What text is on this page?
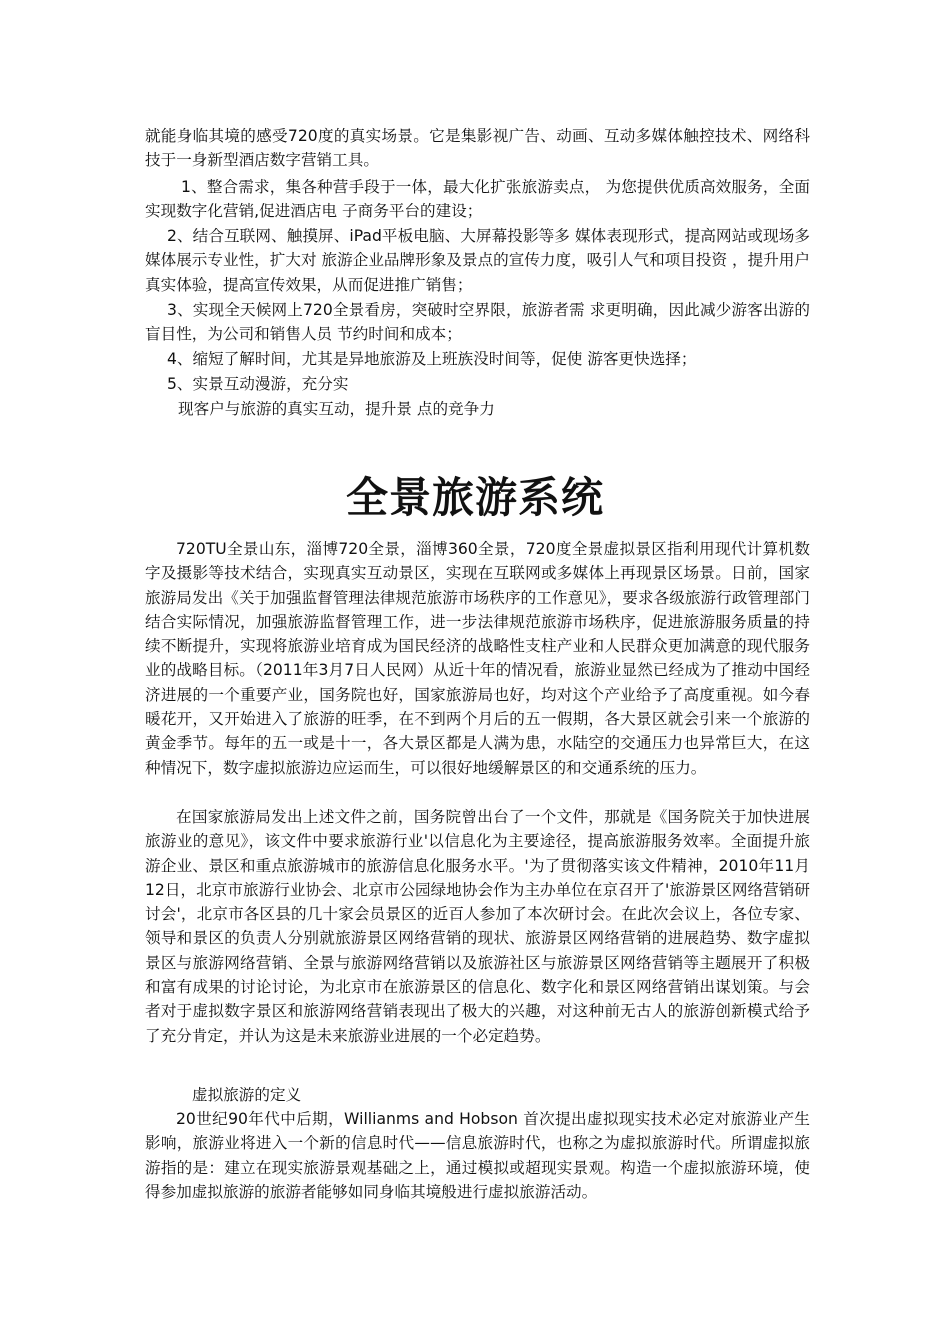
就能身临其境的感受720度的真实场景。它是集影视广告、动画、互动多媒体触控技术、网络科技于一身新型酒店数字营销工具。

1、整合需求，集各种营手段于一体，最大化扩张旅游卖点， 为您提供优质高效服务，全面实现数字化营销,促进酒店电 子商务平台的建设；

2、结合互联网、触摸屏、iPad平板电脑、大屏幕投影等多 媒体表现形式，提高网站或现场多媒体展示专业性，扩大对 旅游企业品牌形象及景点的宣传力度，吸引人气和项目投资 ，提升用户真实体验，提高宣传效果，从而促进推广销售；

3、实现全天候网上720全景看房，突破时空界限，旅游者需 求更明确，因此减少游客出游的盲目性，为公司和销售人员 节约时间和成本；

4、缩短了解时间，尤其是异地旅游及上班族没时间等，促使 游客更快选择；

5、实景互动漫游，充分实

现客户与旅游的真实互动，提升景 点的竞争力

全景旅游系统

720TU全景山东，淄博720全景，淄博360全景，720度全景虚拟景区指利用现代计算机数字及摄影等技术结合，实现真实互动景区，实现在互联网或多媒体上再现景区场景。日前，国家旅游局发出《关于加强监督管理法律规范旅游市场秩序的工作意见》，要求各级旅游行政管理部门结合实际情况，加强旅游监督管理工作，进一步法律规范旅游市场秩序，促进旅游服务质量的持续不断提升，实现将旅游业培育成为国民经济的战略性支柱产业和人民群众更加满意的现代服务业的战略目标。（2011年3月7日人民网）从近十年的情况看，旅游业显然已经成为了推动中国经济进展的一个重要产业，国务院也好，国家旅游局也好，均对这个产业给予了高度重视。如今春暖花开，又开始进入了旅游的旺季，在不到两个月后的五一假期，各大景区就会引来一个旅游的黄金季节。每年的五一或是十一，各大景区都是人满为患，水陆空的交通压力也异常巨大，在这种情况下，数字虚拟旅游边应运而生，可以很好地缓解景区的和交通系统的压力。

在国家旅游局发出上述文件之前，国务院曾出台了一个文件，那就是《国务院关于加快进展旅游业的意见》，该文件中要求旅游行业'以信息化为主要途径，提高旅游服务效率。全面提升旅游企业、景区和重点旅游城市的旅游信息化服务水平。'为了贯彻落实该文件精神，2010年11月12日，北京市旅游行业协会、北京市公园绿地协会作为主办单位在京召开了'旅游景区网络营销研讨会'，北京市各区县的几十家会员景区的近百人参加了本次研讨会。在此次会议上，各位专家、领导和景区的负责人分别就旅游景区网络营销的现状、旅游景区网络营销的进展趋势、数字虚拟景区与旅游网络营销、全景与旅游网络营销以及旅游社区与旅游景区网络营销等主题展开了积极和富有成果的讨论讨论，为北京市在旅游景区的信息化、数字化和景区网络营销出谋划策。与会者对于虚拟数字景区和旅游网络营销表现出了极大的兴趣，对这种前无古人的旅游创新模式给予了充分肯定，并认为这是未来旅游业进展的一个必定趋势。

虚拟旅游的定义

20世纪90年代中后期，Willianms and Hobson 首次提出虚拟现实技术必定对旅游业产生影响，旅游业将进入一个新的信息时代——信息旅游时代，也称之为虚拟旅游时代。所谓虚拟旅游指的是：建立在现实旅游景观基础之上，通过模拟或超现实景观。构造一个虚拟旅游环境，使得参加虚拟旅游的旅游者能够如同身临其境般进行虚拟旅游活动。
